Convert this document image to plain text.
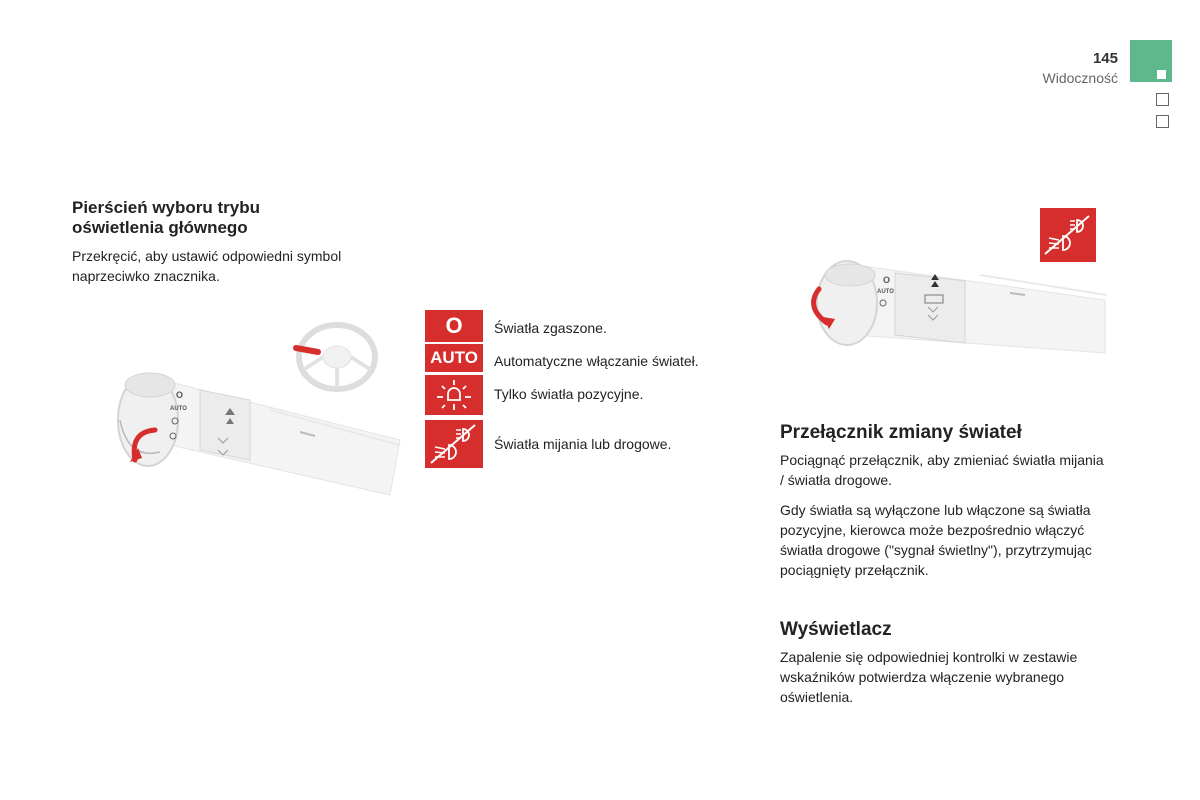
145
Widoczność
Pierścień wyboru trybu oświetlenia głównego
Przekręcić, aby ustawić odpowiedni symbol naprzeciwko znacznika.
O
AUTO
O
AUTO
Światła zgaszone.
Automatyczne włączanie świateł.
Tylko światła pozycyjne.
Światła mijania lub drogowe.
O
AUTO
Przełącznik zmiany świateł

Pociągnąć przełącznik, aby zmieniać światła mijania / światła drogowe.

Gdy światła są wyłączone lub włączone są światła pozycyjne, kierowca może bezpośrednio włączyć światła drogowe ("sygnał świetlny"), przytrzymując pociągnięty przełącznik.

Wyświetlacz
Zapalenie się odpowiedniej kontrolki w zestawie wskaźników potwierdza włączenie wybranego oświetlenia.
